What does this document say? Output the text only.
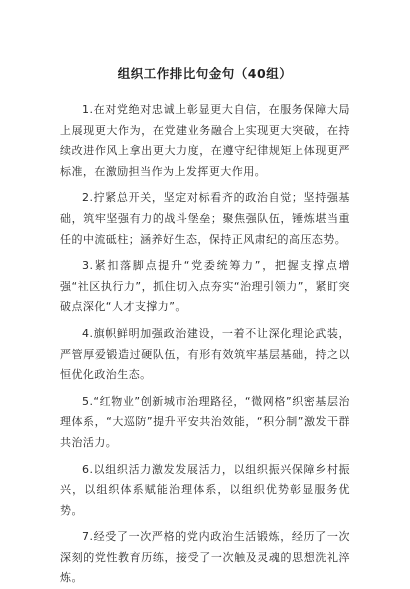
组织工作排比句金句（40组）

1.在对党绝对忠诚上彰显更大自信，在服务保障大局上展现更大作为，在党建业务融合上实现更大突破，在持续改进作风上拿出更大力度，在遵守纪律规矩上体现更严标准，在激励担当作为上发挥更大作用。

2.拧紧总开关，坚定对标看齐的政治自觉；坚持强基础，筑牢坚强有力的战斗堡垒；聚焦强队伍，锤炼堪当重任的中流砥柱；涵养好生态，保持正风肃纪的高压态势。

3.紧扣落脚点提升“党委统筹力”，把握支撑点增强“社区执行力”，抓住切入点夯实“治理引领力”，紧盯突破点深化“人才支撑力”。

4.旗帜鲜明加强政治建设，一着不让深化理论武装，严管厚爱锻造过硬队伍，有形有效筑牢基层基础，持之以恒优化政治生态。

5.“红物业”创新城市治理路径，“微网格”织密基层治理体系，“大巡防”提升平安共治效能，“积分制”激发干群共治活力。

6.以组织活力激发发展活力，以组织振兴保障乡村振兴，以组织体系赋能治理体系，以组织优势彰显服务优势。

7.经受了一次严格的党内政治生活锻炼，经历了一次深刻的党性教育历练，接受了一次触及灵魂的思想洗礼淬炼。
